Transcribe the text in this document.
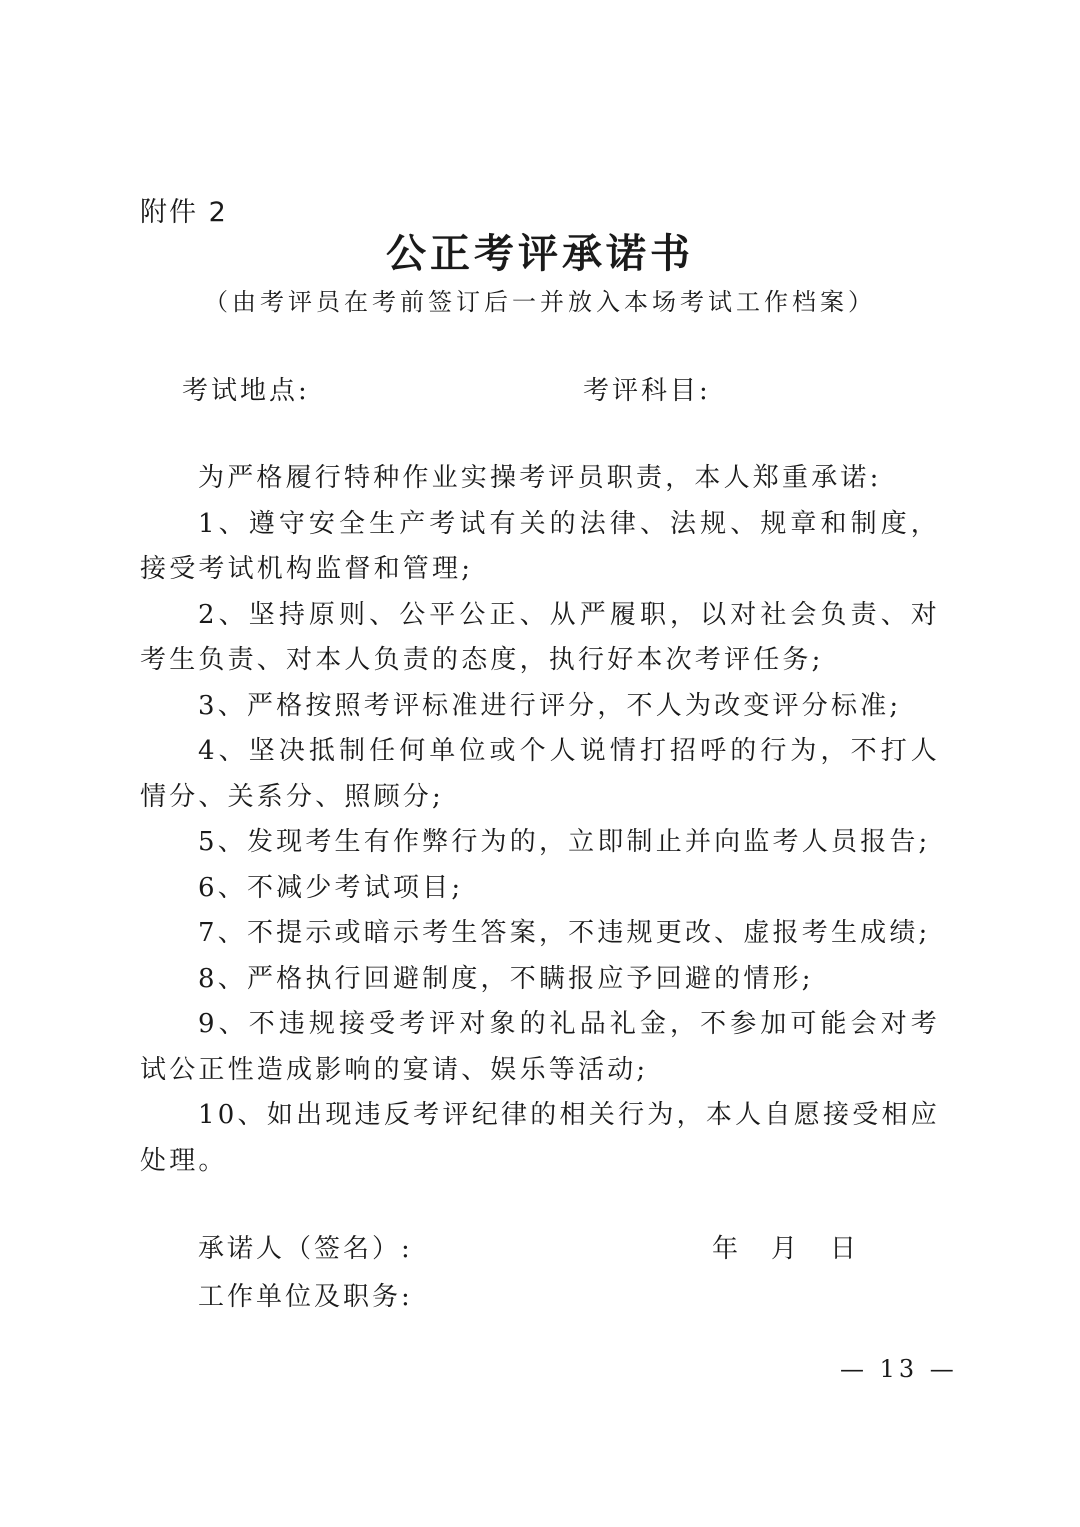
附件 2
公正考评承诺书
（由考评员在考前签订后一并放入本场考试工作档案）
考试地点:	考评科目:

为严格履行特种作业实操考评员职责，本人郑重承诺:

1、遵守安全生产考试有关的法律、法规、规章和制度，接受考试机构监督和管理;

2、坚持原则、公平公正、从严履职，以对社会负责、对考生负责、对本人负责的态度，执行好本次考评任务;

3、严格按照考评标准进行评分，不人为改变评分标准;

4、坚决抵制任何单位或个人说情打招呼的行为，不打人情分、关系分、照顾分;

5、发现考生有作弊行为的，立即制止并向监考人员报告;

6、不减少考试项目;

7、不提示或暗示考生答案，不违规更改、虚报考生成绩;

8、严格执行回避制度，不瞒报应予回避的情形;

9、不违规接受考评对象的礼品礼金，不参加可能会对考试公正性造成影响的宴请、娱乐等活动;

10、如出现违反考评纪律的相关行为，本人自愿接受相应处理。

承诺人（签名）:	年 月 日
工作单位及职务:
— 13 —
